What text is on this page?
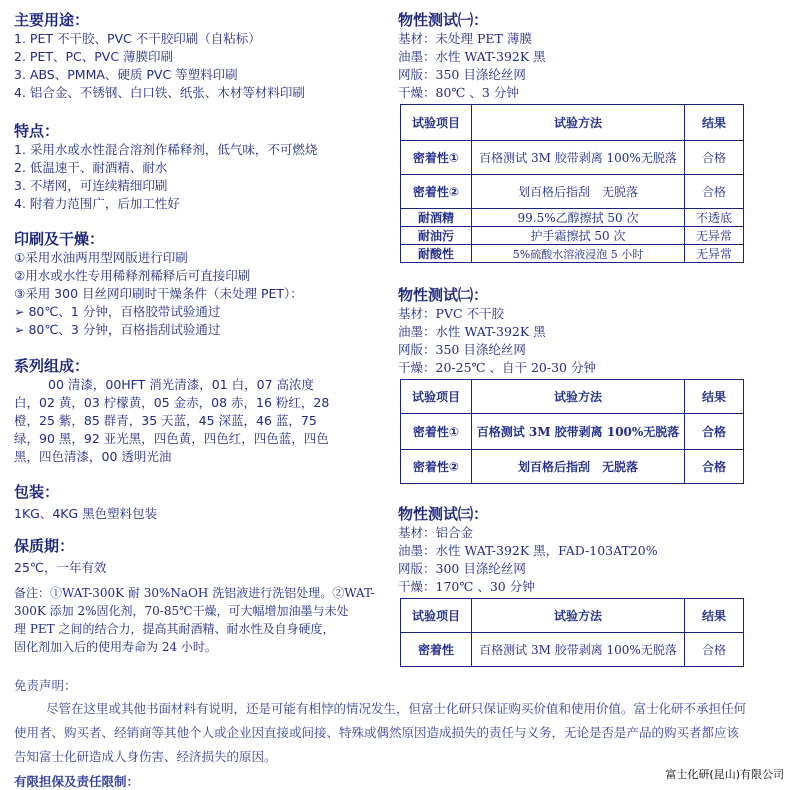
主要用途：
1. PET 不干胶、PVC 不干胶印刷（自粘标）
2. PET、PC、PVC 薄膜印刷
3. ABS、PMMA、硬质 PVC 等塑料印刷
4. 铝合金、不锈钢、白口铁、纸张、木材等材料印刷
特点：
1. 采用水或水性混合溶剂作稀释剂，低气味，不可燃烧
2. 低温速干、耐酒精、耐水
3. 不堵网，可连续精细印刷
4. 附着力范围广，后加工性好
印刷及干燥：
①采用水油两用型网版进行印刷
②用水或水性专用稀释剂稀释后可直接印刷
③采用 300 目丝网印刷时干燥条件（未处理 PET）：
➢ 80℃、1 分钟，百格胶带试验通过
➢ 80℃、3 分钟，百格指刮试验通过
系列组成：
00 清漆，00HFT 消光清漆，01 白，07 高浓度
白，02 黄，03 柠檬黄，05 金赤，08 赤，16 粉红，28
橙，25 紫，85 群青，35 天蓝，45 深蓝，46 蓝，75
绿，90 黑，92 亚光黑，四色黄，四色红，四色蓝，四色
黑，四色清漆，00 透明光油
包装：
1KG、4KG 黑色塑料包装
保质期：
25℃，一年有效
备注：①WAT-300K 耐 30%NaOH 洗铝液进行洗铝处理。②WAT-
300K 添加 2%固化剂，70-85℃干燥，可大幅增加油墨与未处
理 PET 之间的结合力，提高其耐酒精、耐水性及自身硬度，
固化剂加入后的使用寿命为 24 小时。
物性测试㈠：
基材：未处理 PET 薄膜
油墨：水性 WAT-392K 黑
网版：350 目涤纶丝网
干燥：80℃ 、3 分钟
试验项目	试验方法	结果
密着性①	百格测试 3M 胶带剥离 100%无脱落	合格
密着性②	划百格后指刮　无脱落	合格
耐酒精	99.5%乙醇擦拭 50 次	不透底
耐油污	护手霜擦拭 50 次	无异常
耐酸性	5%硫酸水溶液浸泡 5 小时	无异常
物性测试㈡：
基材：PVC 不干胶
油墨：水性 WAT-392K 黑
网版：350 目涤纶丝网
干燥：20-25℃ 、自干 20-30 分钟
试验项目	试验方法	结果
密着性①	百格测试 3M 胶带剥离 100%无脱落	合格
密着性②	划百格后指刮　无脱落	合格
物性测试㈢：
基材：铝合金
油墨：水性 WAT-392K 黑，FAD-103AT20%
网版：300 目涤纶丝网
干燥：170℃ 、30 分钟
试验项目	试验方法	结果
密着性	百格测试 3M 胶带剥离 100%无脱落	合格
免责声明：
尽管在这里或其他书面材料有说明，还是可能有相悖的情况发生，但富士化研只保证购买价值和使用价值。富士化研不承担任何
使用者、购买者、经销商等其他个人或企业因直接或间接、特殊或偶然原因造成损失的责任与义务，无论是否是产品的购买者都应该
告知富士化研造成人身伤害、经济损失的原因。
有限担保及责任限制：	富士化研(昆山)有限公司
